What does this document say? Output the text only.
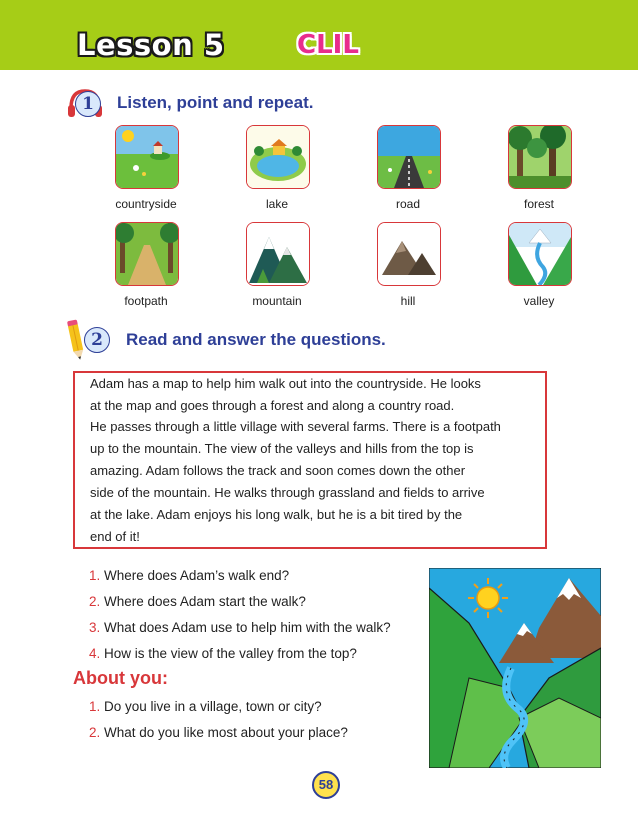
Lesson 5	CLIL
1	Listen, point and repeat.
countryside	lake	road	forest
footpath	mountain	hill	valley
2	Read and answer the questions.
Adam has a map to help him walk out into the countryside. He looks
at the map and goes through a forest and along a country road.
He passes through a little village with several farms. There is a footpath
up to the mountain. The view of the valleys and hills from the top is
amazing. Adam follows the track and soon comes down the other
side of the mountain. He walks through grassland and fields to arrive
at the lake. Adam enjoys his long walk, but he is a bit tired by the
end of it!
1. Where does Adam’s walk end?
2. Where does Adam start the walk?
3. What does Adam use to help him with the walk?
4. How is the view of the valley from the top?
About you:
1. Do you live in a village, town or city?
2. What do you like most about your place?
58
